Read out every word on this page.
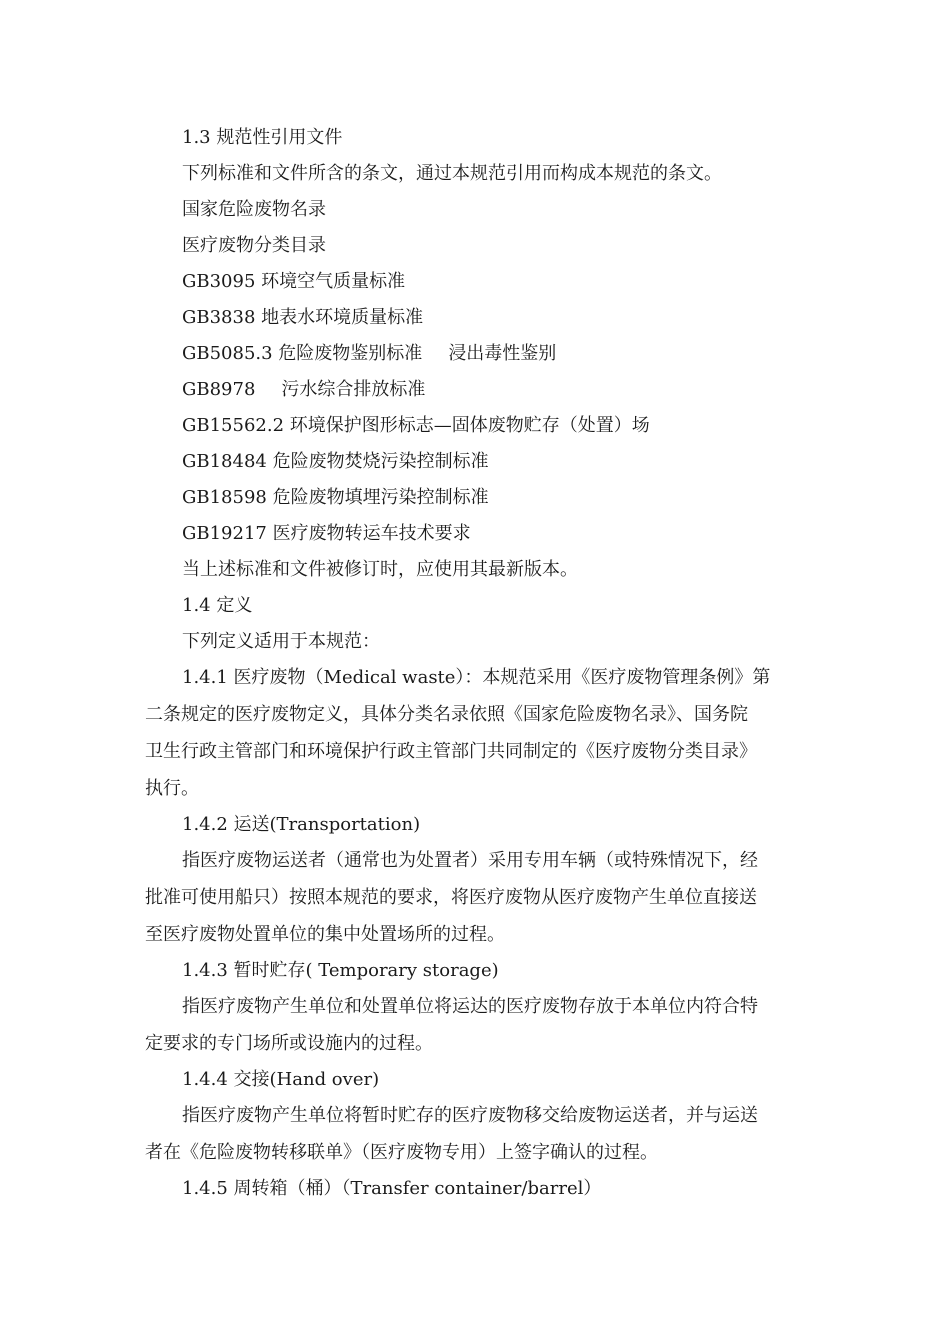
1.3 规范性引用文件
下列标准和文件所含的条文，通过本规范引用而构成本规范的条文。
国家危险废物名录
医疗废物分类目录
GB3095 环境空气质量标准
GB3838 地表水环境质量标准
GB5085.3 危险废物鉴别标准 浸出毒性鉴别
GB8978 污水综合排放标准
GB15562.2 环境保护图形标志—固体废物贮存（处置）场
GB18484 危险废物焚烧污染控制标准
GB18598 危险废物填埋污染控制标准
GB19217 医疗废物转运车技术要求
当上述标准和文件被修订时，应使用其最新版本。
1.4 定义
下列定义适用于本规范：
1.4.1 医疗废物（Medical waste）：本规范采用《医疗废物管理条例》第
二条规定的医疗废物定义，具体分类名录依照《国家危险废物名录》、国务院
卫生行政主管部门和环境保护行政主管部门共同制定的《医疗废物分类目录》
执行。
1.4.2 运送(Transportation)
指医疗废物运送者（通常也为处置者）采用专用车辆（或特殊情况下，经
批准可使用船只）按照本规范的要求，将医疗废物从医疗废物产生单位直接送
至医疗废物处置单位的集中处置场所的过程。
1.4.3 暂时贮存( Temporary storage)
指医疗废物产生单位和处置单位将运达的医疗废物存放于本单位内符合特
定要求的专门场所或设施内的过程。
1.4.4 交接(Hand over)
指医疗废物产生单位将暂时贮存的医疗废物移交给废物运送者，并与运送
者在《危险废物转移联单》（医疗废物专用）上签字确认的过程。
1.4.5 周转箱（桶）（Transfer container/barrel）
